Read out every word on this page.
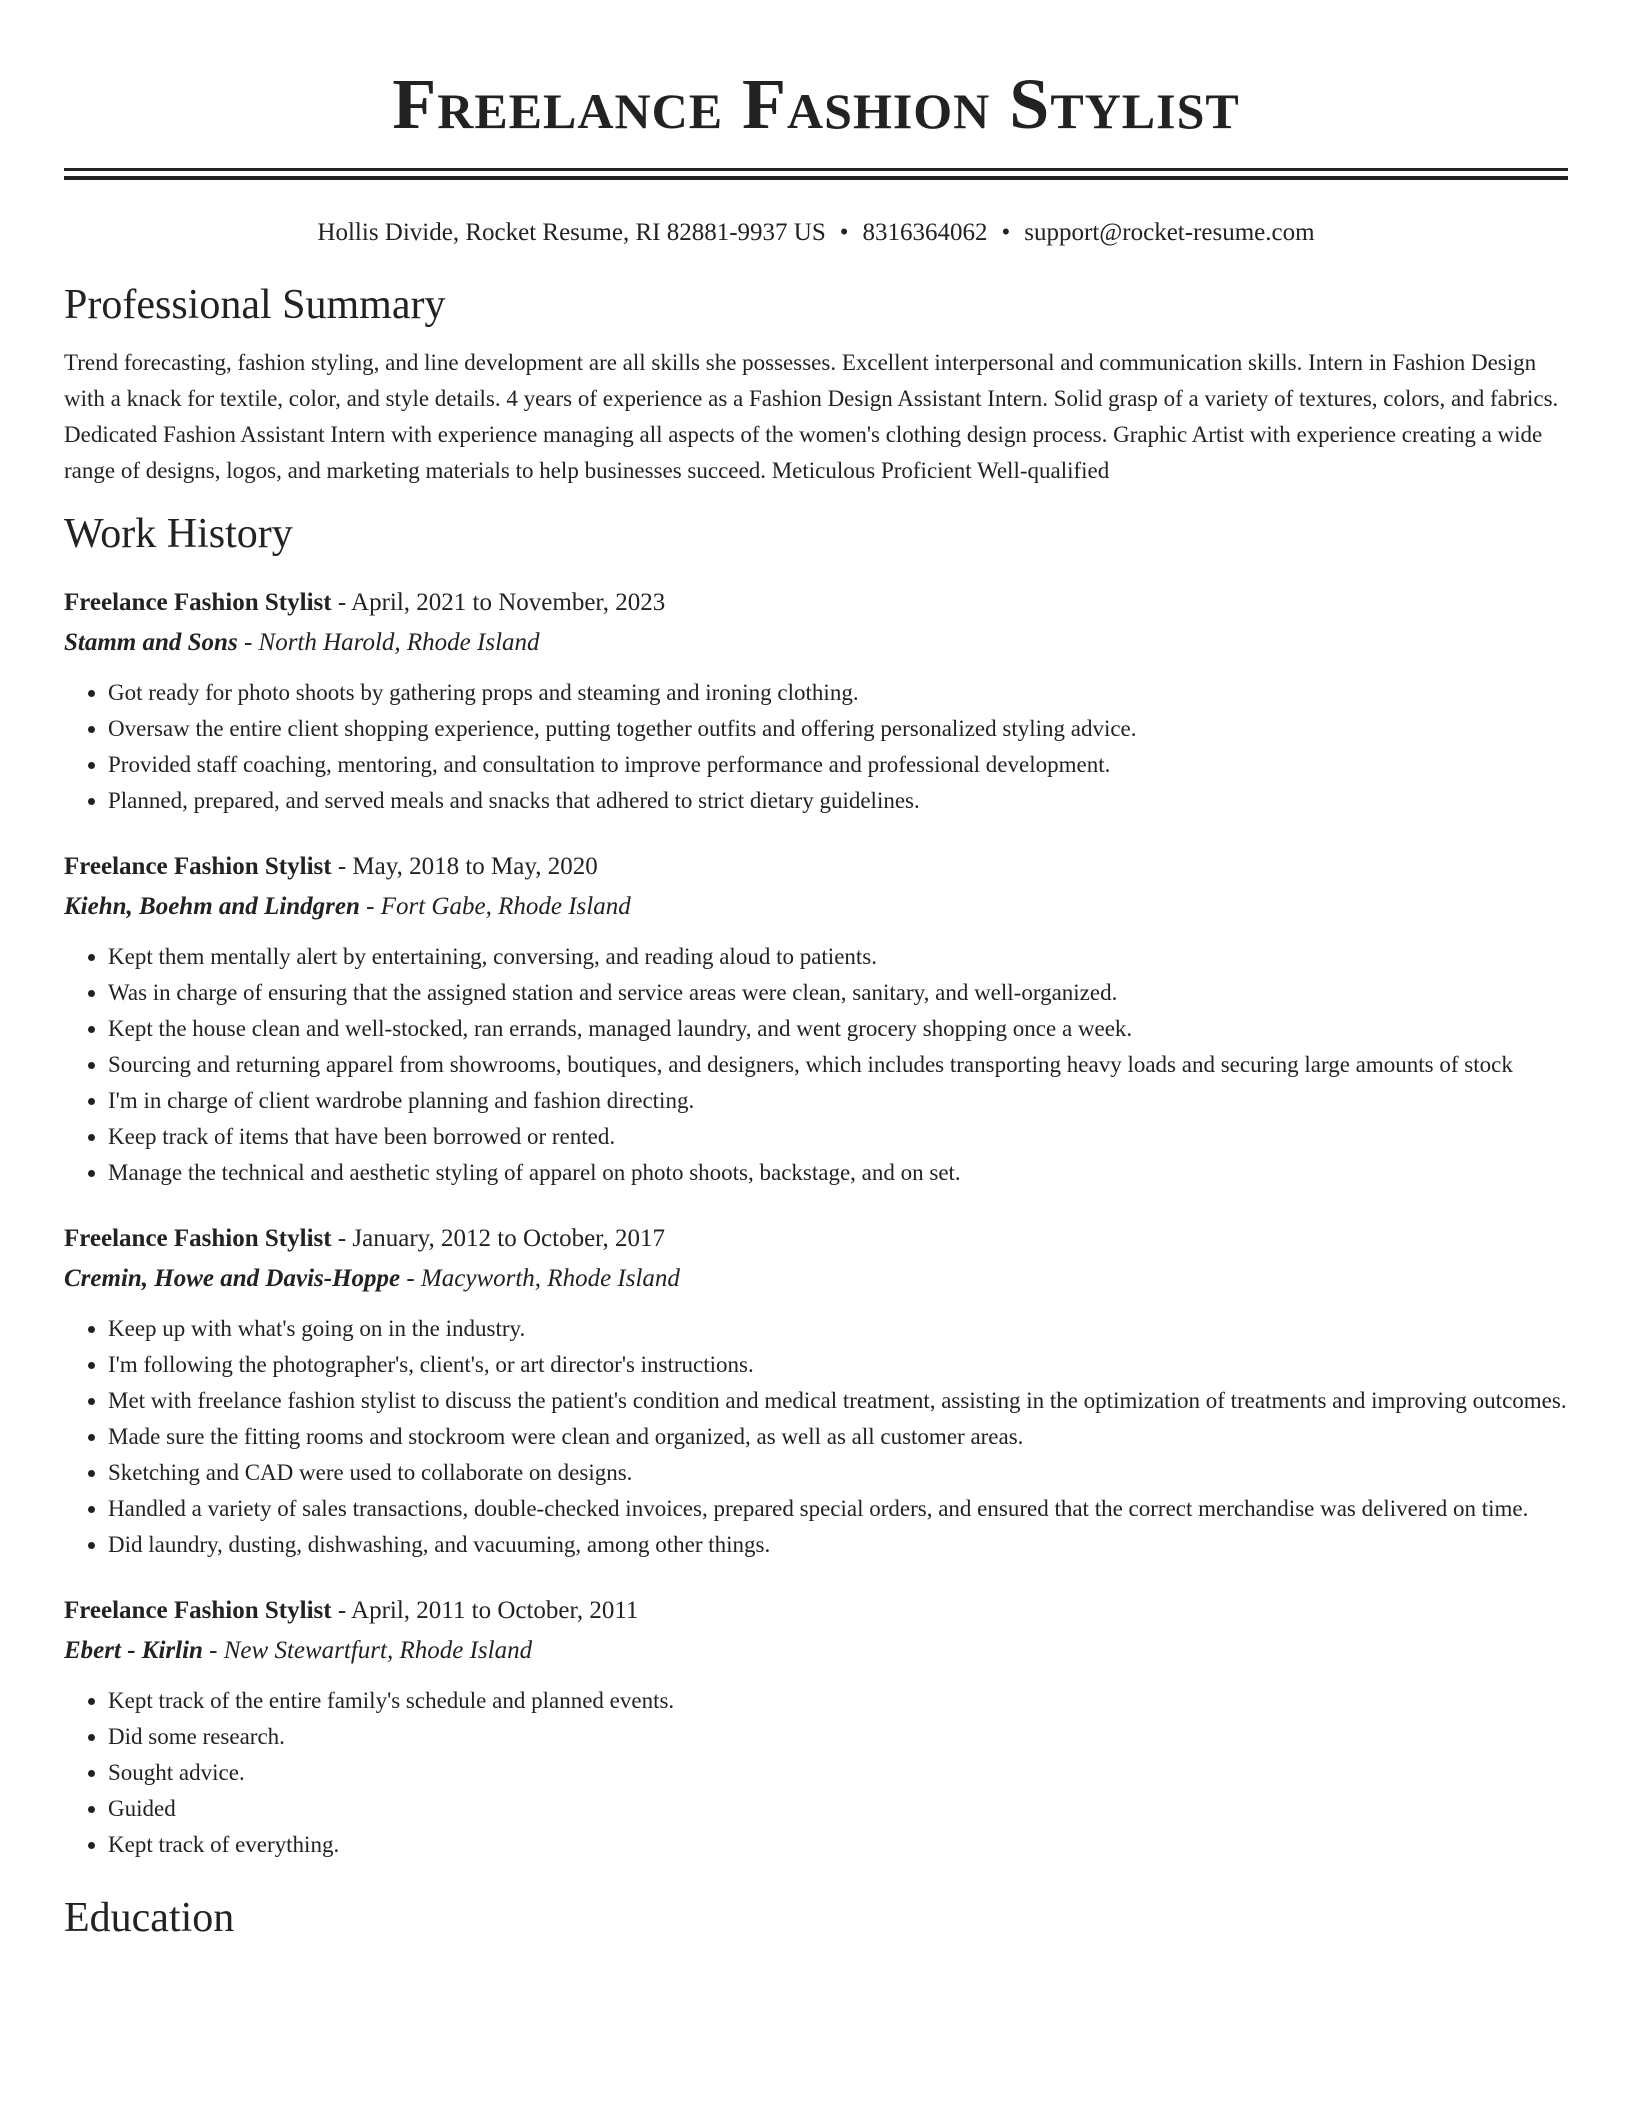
Freelance Fashion Stylist
Hollis Divide, Rocket Resume, RI 82881-9937 US • 8316364062 • support@rocket-resume.com
Professional Summary
Trend forecasting, fashion styling, and line development are all skills she possesses. Excellent interpersonal and communication skills. Intern in Fashion Design with a knack for textile, color, and style details. 4 years of experience as a Fashion Design Assistant Intern. Solid grasp of a variety of textures, colors, and fabrics. Dedicated Fashion Assistant Intern with experience managing all aspects of the women's clothing design process. Graphic Artist with experience creating a wide range of designs, logos, and marketing materials to help businesses succeed. Meticulous Proficient Well-qualified
Work History
Freelance Fashion Stylist - April, 2021 to November, 2023
Stamm and Sons - North Harold, Rhode Island
• Got ready for photo shoots by gathering props and steaming and ironing clothing.
• Oversaw the entire client shopping experience, putting together outfits and offering personalized styling advice.
• Provided staff coaching, mentoring, and consultation to improve performance and professional development.
• Planned, prepared, and served meals and snacks that adhered to strict dietary guidelines.
Freelance Fashion Stylist - May, 2018 to May, 2020
Kiehn, Boehm and Lindgren - Fort Gabe, Rhode Island
• Kept them mentally alert by entertaining, conversing, and reading aloud to patients.
• Was in charge of ensuring that the assigned station and service areas were clean, sanitary, and well-organized.
• Kept the house clean and well-stocked, ran errands, managed laundry, and went grocery shopping once a week.
• Sourcing and returning apparel from showrooms, boutiques, and designers, which includes transporting heavy loads and securing large amounts of stock
• I'm in charge of client wardrobe planning and fashion directing.
• Keep track of items that have been borrowed or rented.
• Manage the technical and aesthetic styling of apparel on photo shoots, backstage, and on set.
Freelance Fashion Stylist - January, 2012 to October, 2017
Cremin, Howe and Davis-Hoppe - Macyworth, Rhode Island
• Keep up with what's going on in the industry.
• I'm following the photographer's, client's, or art director's instructions.
• Met with freelance fashion stylist to discuss the patient's condition and medical treatment, assisting in the optimization of treatments and improving outcomes.
• Made sure the fitting rooms and stockroom were clean and organized, as well as all customer areas.
• Sketching and CAD were used to collaborate on designs.
• Handled a variety of sales transactions, double-checked invoices, prepared special orders, and ensured that the correct merchandise was delivered on time.
• Did laundry, dusting, dishwashing, and vacuuming, among other things.
Freelance Fashion Stylist - April, 2011 to October, 2011
Ebert - Kirlin - New Stewartfurt, Rhode Island
• Kept track of the entire family's schedule and planned events.
• Did some research.
• Sought advice.
• Guided
• Kept track of everything.
Education
